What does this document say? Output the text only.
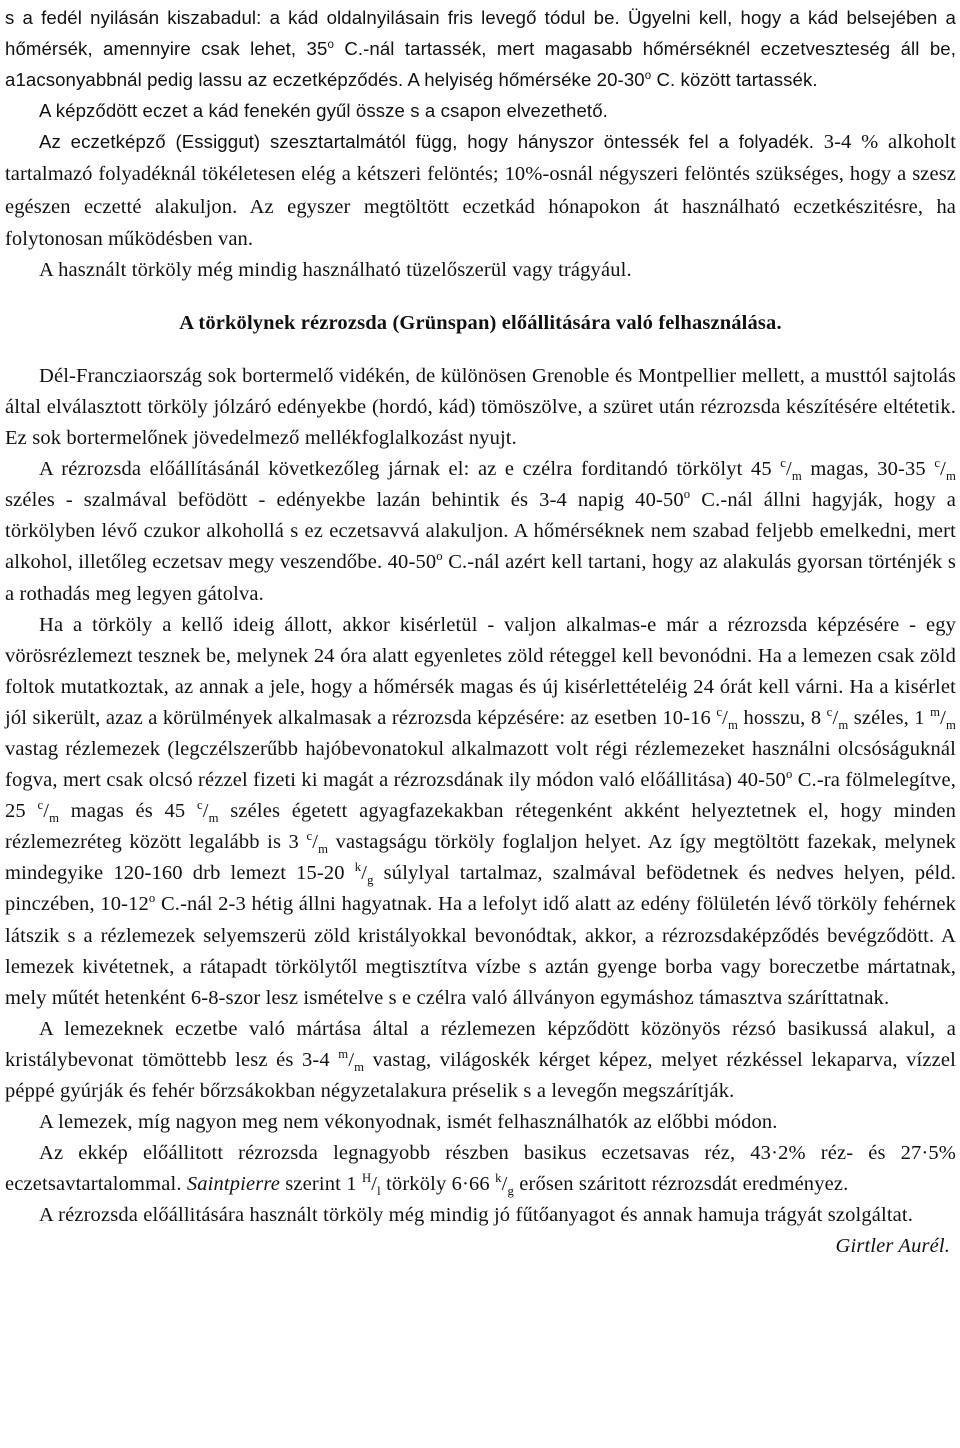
s a fedél nyilásán kiszabadul: a kád oldalnyilásain fris levegő tódul be. Ügyelni kell, hogy a kád belsejében a hőmérsék, amennyire csak lehet, 35$^o$ C.-nál tartassék, mert magasabb hőmérséknél eczetveszteség áll be, a1acsonyabbnál pedig lassu az eczetképződés. A helyiség hőmérséke 20-30$^o$ C. között tartassék.

A képződött eczet a kád fenekén gyűl össze s a csapon elvezethető.

Az eczetképző (Essiggut) szesztartalmától függ, hogy hányszor öntessék fel a folyadék. 3-4 % alkoholt tartalmazó folyadéknál tökéletesen elég a kétszeri felöntés; 10%-osnál négyszeri felöntés szükséges, hogy a szesz egészen eczetté alakuljon. Az egyszer megtöltött eczetkád hónapokon át használható eczetkészitésre, ha folytonosan működésben van.

A használt törköly még mindig használható tüzelőszerül vagy trágyául.

A törkölynek rézrozsda (Grünspan) előállitására való felhasználása.

Dél-Francziaország sok bortermelő vidékén, de különösen Grenoble és Montpellier mellett, a musttól sajtolás által elválasztott törköly jólzáró edényekbe (hordó, kád) tömöszölve, a szüret után rézrozsda készítésére eltétetik. Ez sok bortermelőnek jövedelmező mellékfoglalkozást nyujt.

A rézrozsda előállításánál következőleg járnak el: az e czélra forditandó törkölyt 45 $^c/_m$ magas, 30-35 $^c/_m$ széles - szalmával befödött - edényekbe lazán behintik és 3-4 napig 40-50$^o$ C.-nál állni hagyják, hogy a törkölyben lévő czukor alkohollá s ez eczetsavvá alakuljon. A hőmérséknek nem szabad feljebb emelkedni, mert alkohol, illetőleg eczetsav megy veszendőbe. 40-50$^o$ C.-nál azért kell tartani, hogy az alakulás gyorsan történjék s a rothadás meg legyen gátolva.

Ha a törköly a kellő ideig állott, akkor kisérletül - valjon alkalmas-e már a rézrozsda képzésére - egy vörösrézlemezt tesznek be, melynek 24 óra alatt egyenletes zöld réteggel kell bevonódni. Ha a lemezen csak zöld foltok mutatkoztak, az annak a jele, hogy a hőmérsék magas és új kisérlettételéig 24 órát kell várni. Ha a kisérlet jól sikerült, azaz a körülmények alkalmasak a rézrozsda képzésére: az esetben 10-16 $^c/_m$ hosszu, 8 $^c/_m$ széles, 1 $^m/_m$ vastag rézlemezek (legczélszerűbb hajóbevonatokul alkalmazott volt régi rézlemezeket használni olcsóságuknál fogva, mert csak olcsó rézzel fizeti ki magát a rézrozsdának ily módon való előállitása) 40-50$^o$ C.-ra fölmelegítve, 25 $^c/_m$ magas és 45 $^c/_m$ széles égetett agyagfazekakban rétegenként akként helyeztetnek el, hogy minden rézlemezréteg között legalább is 3 $^c/_m$ vastagságu törköly foglaljon helyet. Az így megtöltött fazekak, melynek mindegyike 120-160 drb lemezt 15-20 $^k/_g$ súlylyal tartalmaz, szalmával befödetnek és nedves helyen, péld. pinczében, 10-12$^o$ C.-nál 2-3 hétig állni hagyatnak. Ha a lefolyt idő alatt az edény fölületén lévő törköly fehérnek látszik s a rézlemezek selyemszerü zöld kristályokkal bevonódtak, akkor, a rézrozsdaképződés bevégződött. A lemezek kivétetnek, a rátapadt törkölytől megtisztítva vízbe s aztán gyenge borba vagy boreczetbe mártatnak, mely műtét hetenként 6-8-szor lesz ismételve s e czélra való állványon egymáshoz támasztva száríttatnak.

A lemezeknek eczetbe való mártása által a rézlemezen képződött közönyös rézsó basikussá alakul, a kristálybevonat tömöttebb lesz és 3-4 $^m/_m$ vastag, világoskék kérget képez, melyet rézkéssel lekaparva, vízzel péppé gyúrják és fehér bőrzsákokban négyzetalakura préselik s a levegőn megszárítják.

A lemezek, míg nagyon meg nem vékonyodnak, ismét felhasználhatók az előbbi módon.

Az ekkép előállitott rézrozsda legnagyobb részben basikus eczetsavas réz, 43·2% réz- és 27·5% eczetsavtartalommal. Saintpierre szerint 1 $^H/_l$ törköly 6·66 $^k/_g$ erősen száritott rézrozsdát eredményez.

A rézrozsda előállitására használt törköly még mindig jó fűtőanyagot és annak hamuja trágyát szolgáltat.

Girtler Aurél.
